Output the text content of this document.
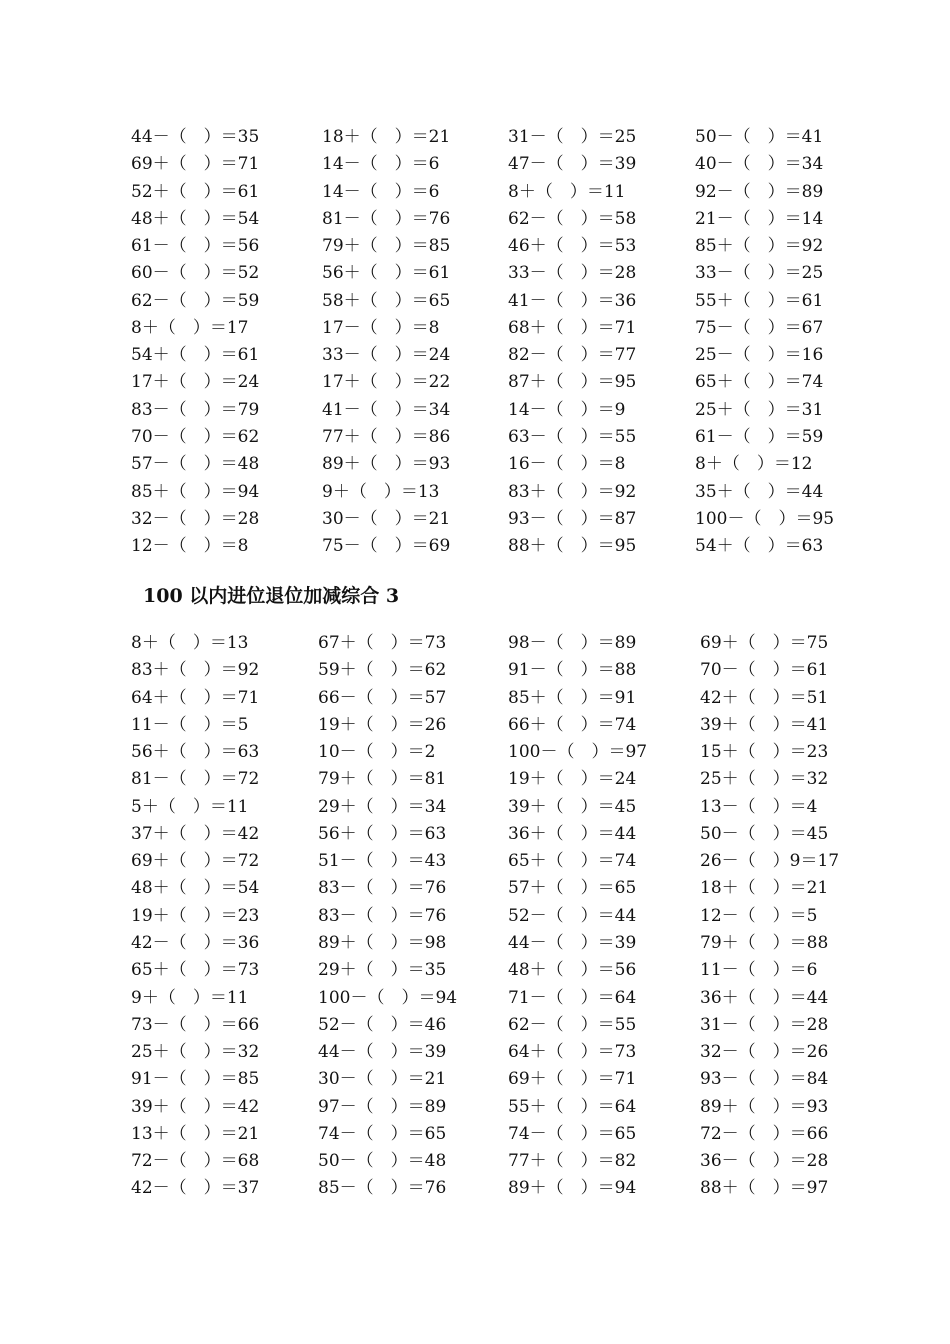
44－（　）＝35	18＋（　）＝21	31－（　）＝25	50－（　）＝41
69＋（　）＝71	14－（　）＝6	47－（　）＝39	40－（　）＝34
52＋（　）＝61	14－（　）＝6	8＋（　）＝11	92－（　）＝89
48＋（　）＝54	81－（　）＝76	62－（　）＝58	21－（　）＝14
61－（　）＝56	79＋（　）＝85	46＋（　）＝53	85＋（　）＝92
60－（　）＝52	56＋（　）＝61	33－（　）＝28	33－（　）＝25
62－（　）＝59	58＋（　）＝65	41－（　）＝36	55＋（　）＝61
8＋（　）＝17	17－（　）＝8	68＋（　）＝71	75－（　）＝67
54＋（　）＝61	33－（　）＝24	82－（　）＝77	25－（　）＝16
17＋（　）＝24	17＋（　）＝22	87＋（　）＝95	65＋（　）＝74
83－（　）＝79	41－（　）＝34	14－（　）＝9	25＋（　）＝31
70－（　）＝62	77＋（　）＝86	63－（　）＝55	61－（　）＝59
57－（　）＝48	89＋（　）＝93	16－（　）＝8	8＋（　）＝12
85＋（　）＝94	9＋（　）＝13	83＋（　）＝92	35＋（　）＝44
32－（　）＝28	30－（　）＝21	93－（　）＝87	100－（　）＝95
12－（　）＝8	75－（　）＝69	88＋（　）＝95	54＋（　）＝63
100 以内进位退位加减综合 3
8＋（　）＝13	67＋（　）＝73	98－（　）＝89	69＋（　）＝75
83＋（　）＝92	59＋（　）＝62	91－（　）＝88	70－（　）＝61
64＋（　）＝71	66－（　）＝57	85＋（　）＝91	42＋（　）＝51
11－（　）＝5	19＋（　）＝26	66＋（　）＝74	39＋（　）＝41
56＋（　）＝63	10－（　）＝2	100－（　）＝97	15＋（　）＝23
81－（　）＝72	79＋（　）＝81	19＋（　）＝24	25＋（　）＝32
5＋（　）＝11	29＋（　）＝34	39＋（　）＝45	13－（　）＝4
37＋（　）＝42	56＋（　）＝63	36＋（　）＝44	50－（　）＝45
69＋（　）＝72	51－（　）＝43	65＋（　）＝74	26－（　）9＝17
48＋（　）＝54	83－（　）＝76	57＋（　）＝65	18＋（　）＝21
19＋（　）＝23	83－（　）＝76	52－（　）＝44	12－（　）＝5
42－（　）＝36	89＋（　）＝98	44－（　）＝39	79＋（　）＝88
65＋（　）＝73	29＋（　）＝35	48＋（　）＝56	11－（　）＝6
9＋（　）＝11	100－（　）＝94	71－（　）＝64	36＋（　）＝44
73－（　）＝66	52－（　）＝46	62－（　）＝55	31－（　）＝28
25＋（　）＝32	44－（　）＝39	64＋（　）＝73	32－（　）＝26
91－（　）＝85	30－（　）＝21	69＋（　）＝71	93－（　）＝84
39＋（　）＝42	97－（　）＝89	55＋（　）＝64	89＋（　）＝93
13＋（　）＝21	74－（　）＝65	74－（　）＝65	72－（　）＝66
72－（　）＝68	50－（　）＝48	77＋（　）＝82	36－（　）＝28
42－（　）＝37	85－（　）＝76	89＋（　）＝94	88＋（　）＝97
